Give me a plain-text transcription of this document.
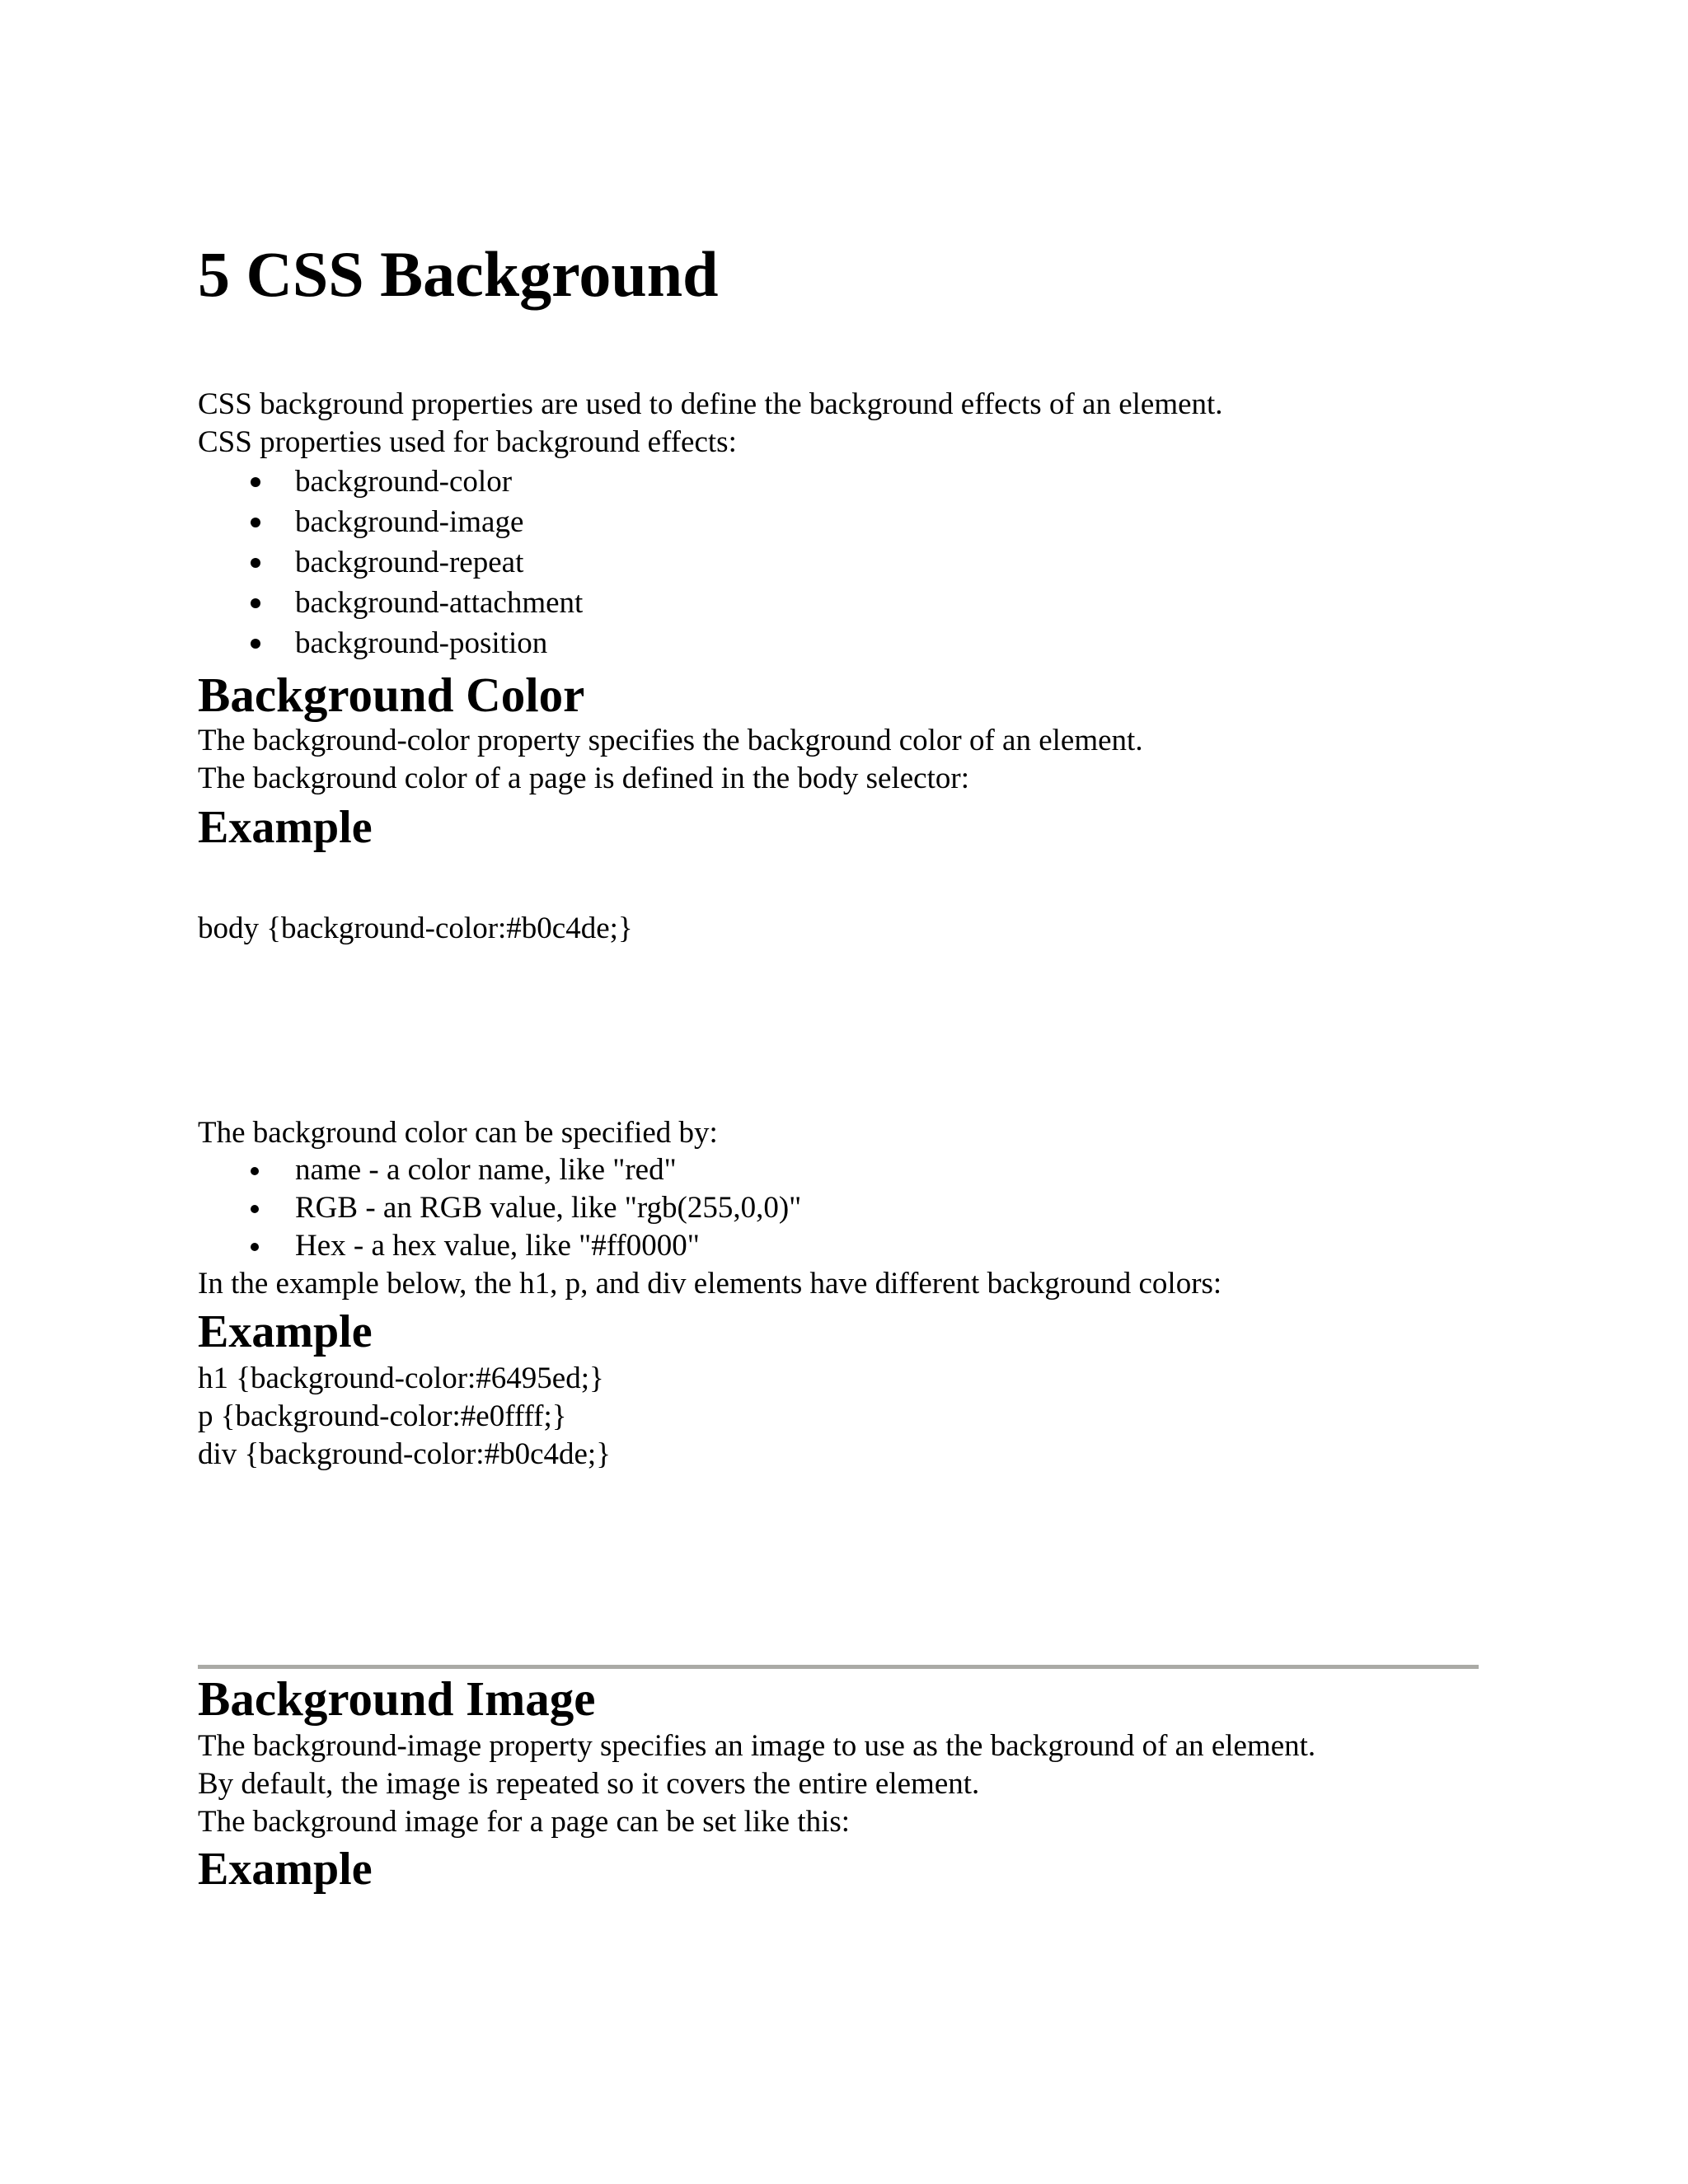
5 CSS Background
CSS background properties are used to define the background effects of an element.
CSS properties used for background effects:
background-color
background-image
background-repeat
background-attachment
background-position
Background Color
The background-color property specifies the background color of an element.
The background color of a page is defined in the body selector:
Example
body {background-color:#b0c4de;}
The background color can be specified by:
name - a color name, like "red"
RGB - an RGB value, like "rgb(255,0,0)"
Hex - a hex value, like "#ff0000"
In the example below, the h1, p, and div elements have different background colors:
Example
h1 {background-color:#6495ed;}
p {background-color:#e0ffff;}
div {background-color:#b0c4de;}
Background Image
The background-image property specifies an image to use as the background of an element.
By default, the image is repeated so it covers the entire element.
The background image for a page can be set like this:
Example
